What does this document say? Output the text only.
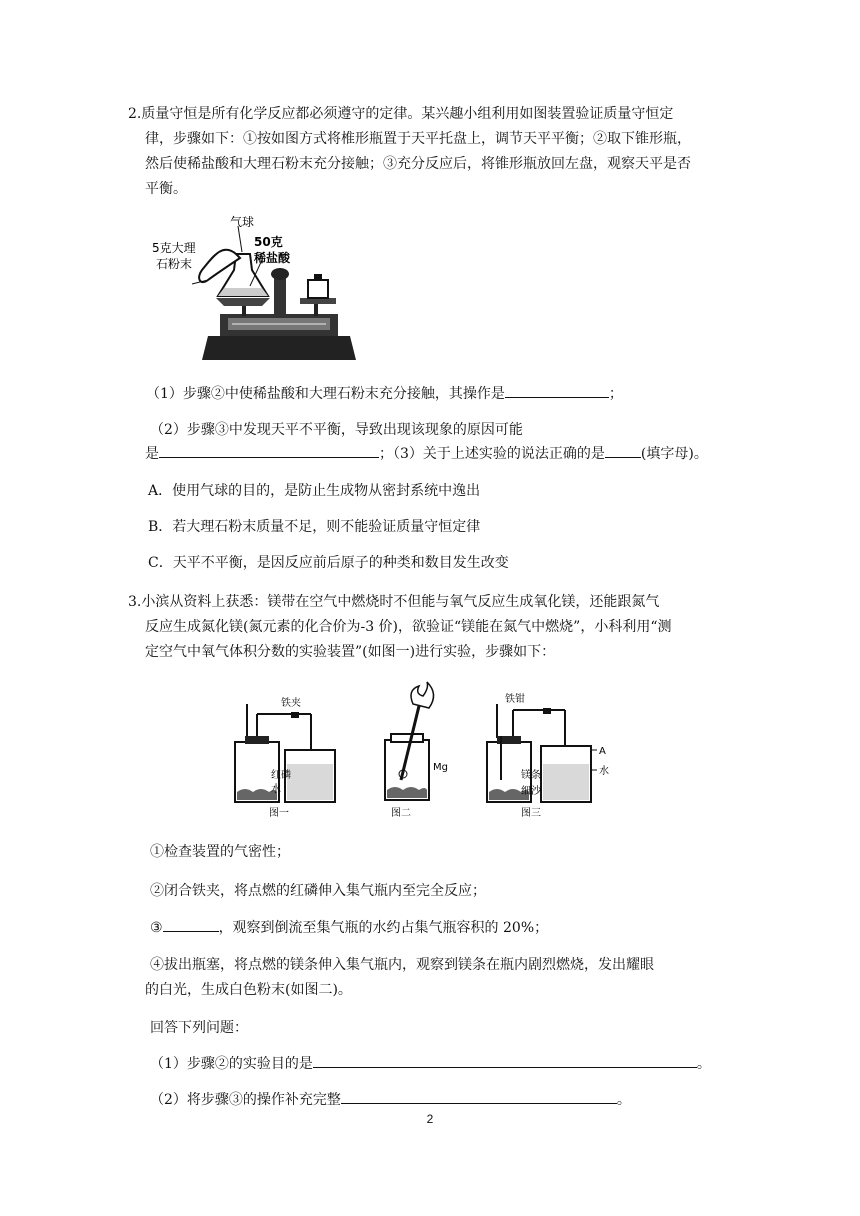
2.质量守恒是所有化学反应都必须遵守的定律。某兴趣小组利用如图装置验证质量守恒定
律，步骤如下：①按如图方式将椎形瓶置于天平托盘上，调节天平平衡；②取下锥形瓶，
然后使稀盐酸和大理石粉末充分接触；③充分反应后，将锥形瓶放回左盘，观察天平是否
平衡。
气球
5克大理
石粉末
50克
稀盐酸
（1）步骤②中使稀盐酸和大理石粉末充分接触，其操作是	；
（2）步骤③中发现天平不平衡，导致出现该现象的原因可能
是	；（3）关于上述实验的说法正确的是	(填字母)。
A．使用气球的目的，是防止生成物从密封系统中逸出
B．若大理石粉末质量不足，则不能验证质量守恒定律
C．天平不平衡，是因反应前后原子的种类和数目发生改变
3.小滨从资料上获悉：镁带在空气中燃烧时不但能与氧气反应生成氧化镁，还能跟氮气
反应生成氮化镁(氮元素的化合价为-3 价)，欲验证“镁能在氮气中燃烧”，小科利用“测
定空气中氧气体积分数的实验装置”(如图一)进行实验，步骤如下：
铁夹
红磷
水
图一
Mg
图二
铁钳
A
水
镁条
细沙
图三
①检查装置的气密性；
②闭合铁夹，将点燃的红磷伸入集气瓶内至完全反应；
③	，观察到倒流至集气瓶的水约占集气瓶容积的 20%；
④拔出瓶塞，将点燃的镁条伸入集气瓶内，观察到镁条在瓶内剧烈燃烧，发出耀眼
的白光，生成白色粉末(如图二)。
回答下列问题：
（1）步骤②的实验目的是	。
（2）将步骤③的操作补充完整	。
2
